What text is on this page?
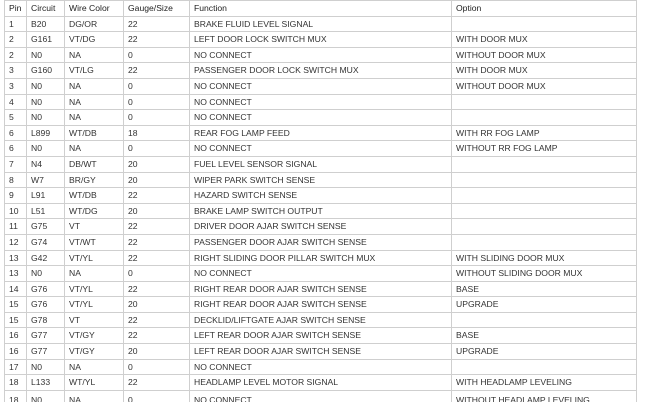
Pin	Circuit	Wire Color	Gauge/Size	Function	Option
1	B20	DG/OR	22	BRAKE FLUID LEVEL SIGNAL	
2	G161	VT/DG	22	LEFT DOOR LOCK SWITCH MUX	WITH DOOR MUX
2	N0	NA	0	NO CONNECT	WITHOUT DOOR MUX
3	G160	VT/LG	22	PASSENGER DOOR LOCK SWITCH MUX	WITH DOOR MUX
3	N0	NA	0	NO CONNECT	WITHOUT DOOR MUX
4	N0	NA	0	NO CONNECT	
5	N0	NA	0	NO CONNECT	
6	L899	WT/DB	18	REAR FOG LAMP FEED	WITH RR FOG LAMP
6	N0	NA	0	NO CONNECT	WITHOUT RR FOG LAMP
7	N4	DB/WT	20	FUEL LEVEL SENSOR SIGNAL	
8	W7	BR/GY	20	WIPER PARK SWITCH SENSE	
9	L91	WT/DB	22	HAZARD SWITCH SENSE	
10	L51	WT/DG	20	BRAKE LAMP SWITCH OUTPUT	
11	G75	VT	22	DRIVER DOOR AJAR SWITCH SENSE	
12	G74	VT/WT	22	PASSENGER DOOR AJAR SWITCH SENSE	
13	G42	VT/YL	22	RIGHT SLIDING DOOR PILLAR SWITCH MUX	WITH SLIDING DOOR MUX
13	N0	NA	0	NO CONNECT	WITHOUT SLIDING DOOR MUX
14	G76	VT/YL	22	RIGHT REAR DOOR AJAR SWITCH SENSE	BASE
15	G76	VT/YL	20	RIGHT REAR DOOR AJAR SWITCH SENSE	UPGRADE
15	G78	VT	22	DECKLID/LIFTGATE AJAR SWITCH SENSE	
16	G77	VT/GY	22	LEFT REAR DOOR AJAR SWITCH SENSE	BASE
16	G77	VT/GY	20	LEFT REAR DOOR AJAR SWITCH SENSE	UPGRADE
17	N0	NA	0	NO CONNECT	
18	L133	WT/YL	22	HEADLAMP LEVEL MOTOR SIGNAL	WITH HEADLAMP LEVELING
18	N0	NA	0	NO CONNECT	WITHOUT HEADLAMP LEVELING
